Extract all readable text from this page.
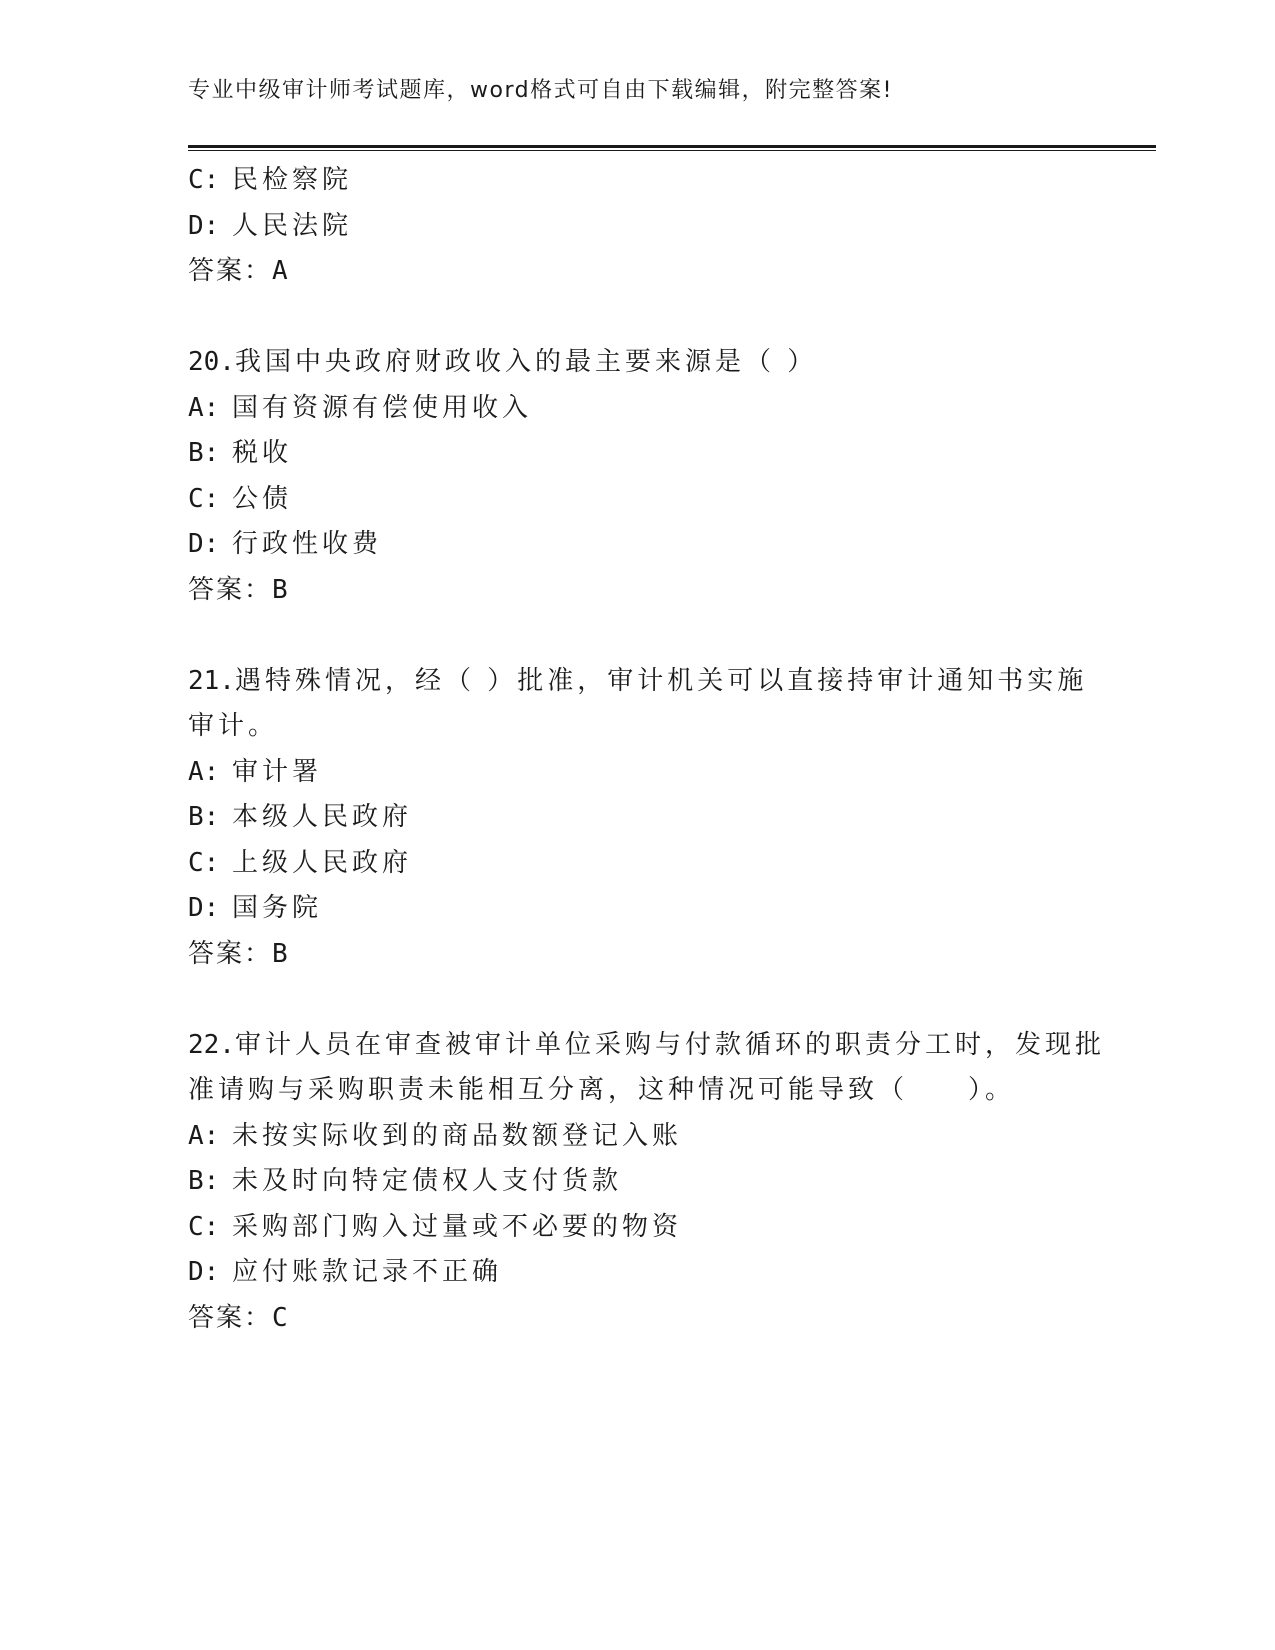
专业中级审计师考试题库，word格式可自由下载编辑，附完整答案!
C: 民检察院
D: 人民法院
答案：A
20.我国中央政府财政收入的最主要来源是（ ）
A: 国有资源有偿使用收入
B: 税收
C: 公债
D: 行政性收费
答案：B
21.遇特殊情况，经（ ）批准，审计机关可以直接持审计通知书实施
审计。
A: 审计署
B: 本级人民政府
C: 上级人民政府
D: 国务院
答案：B
22.审计人员在审查被审计单位采购与付款循环的职责分工时，发现批
准请购与采购职责未能相互分离，这种情况可能导致（　　）。
A: 未按实际收到的商品数额登记入账
B: 未及时向特定债权人支付货款
C: 采购部门购入过量或不必要的物资
D: 应付账款记录不正确
答案：C
